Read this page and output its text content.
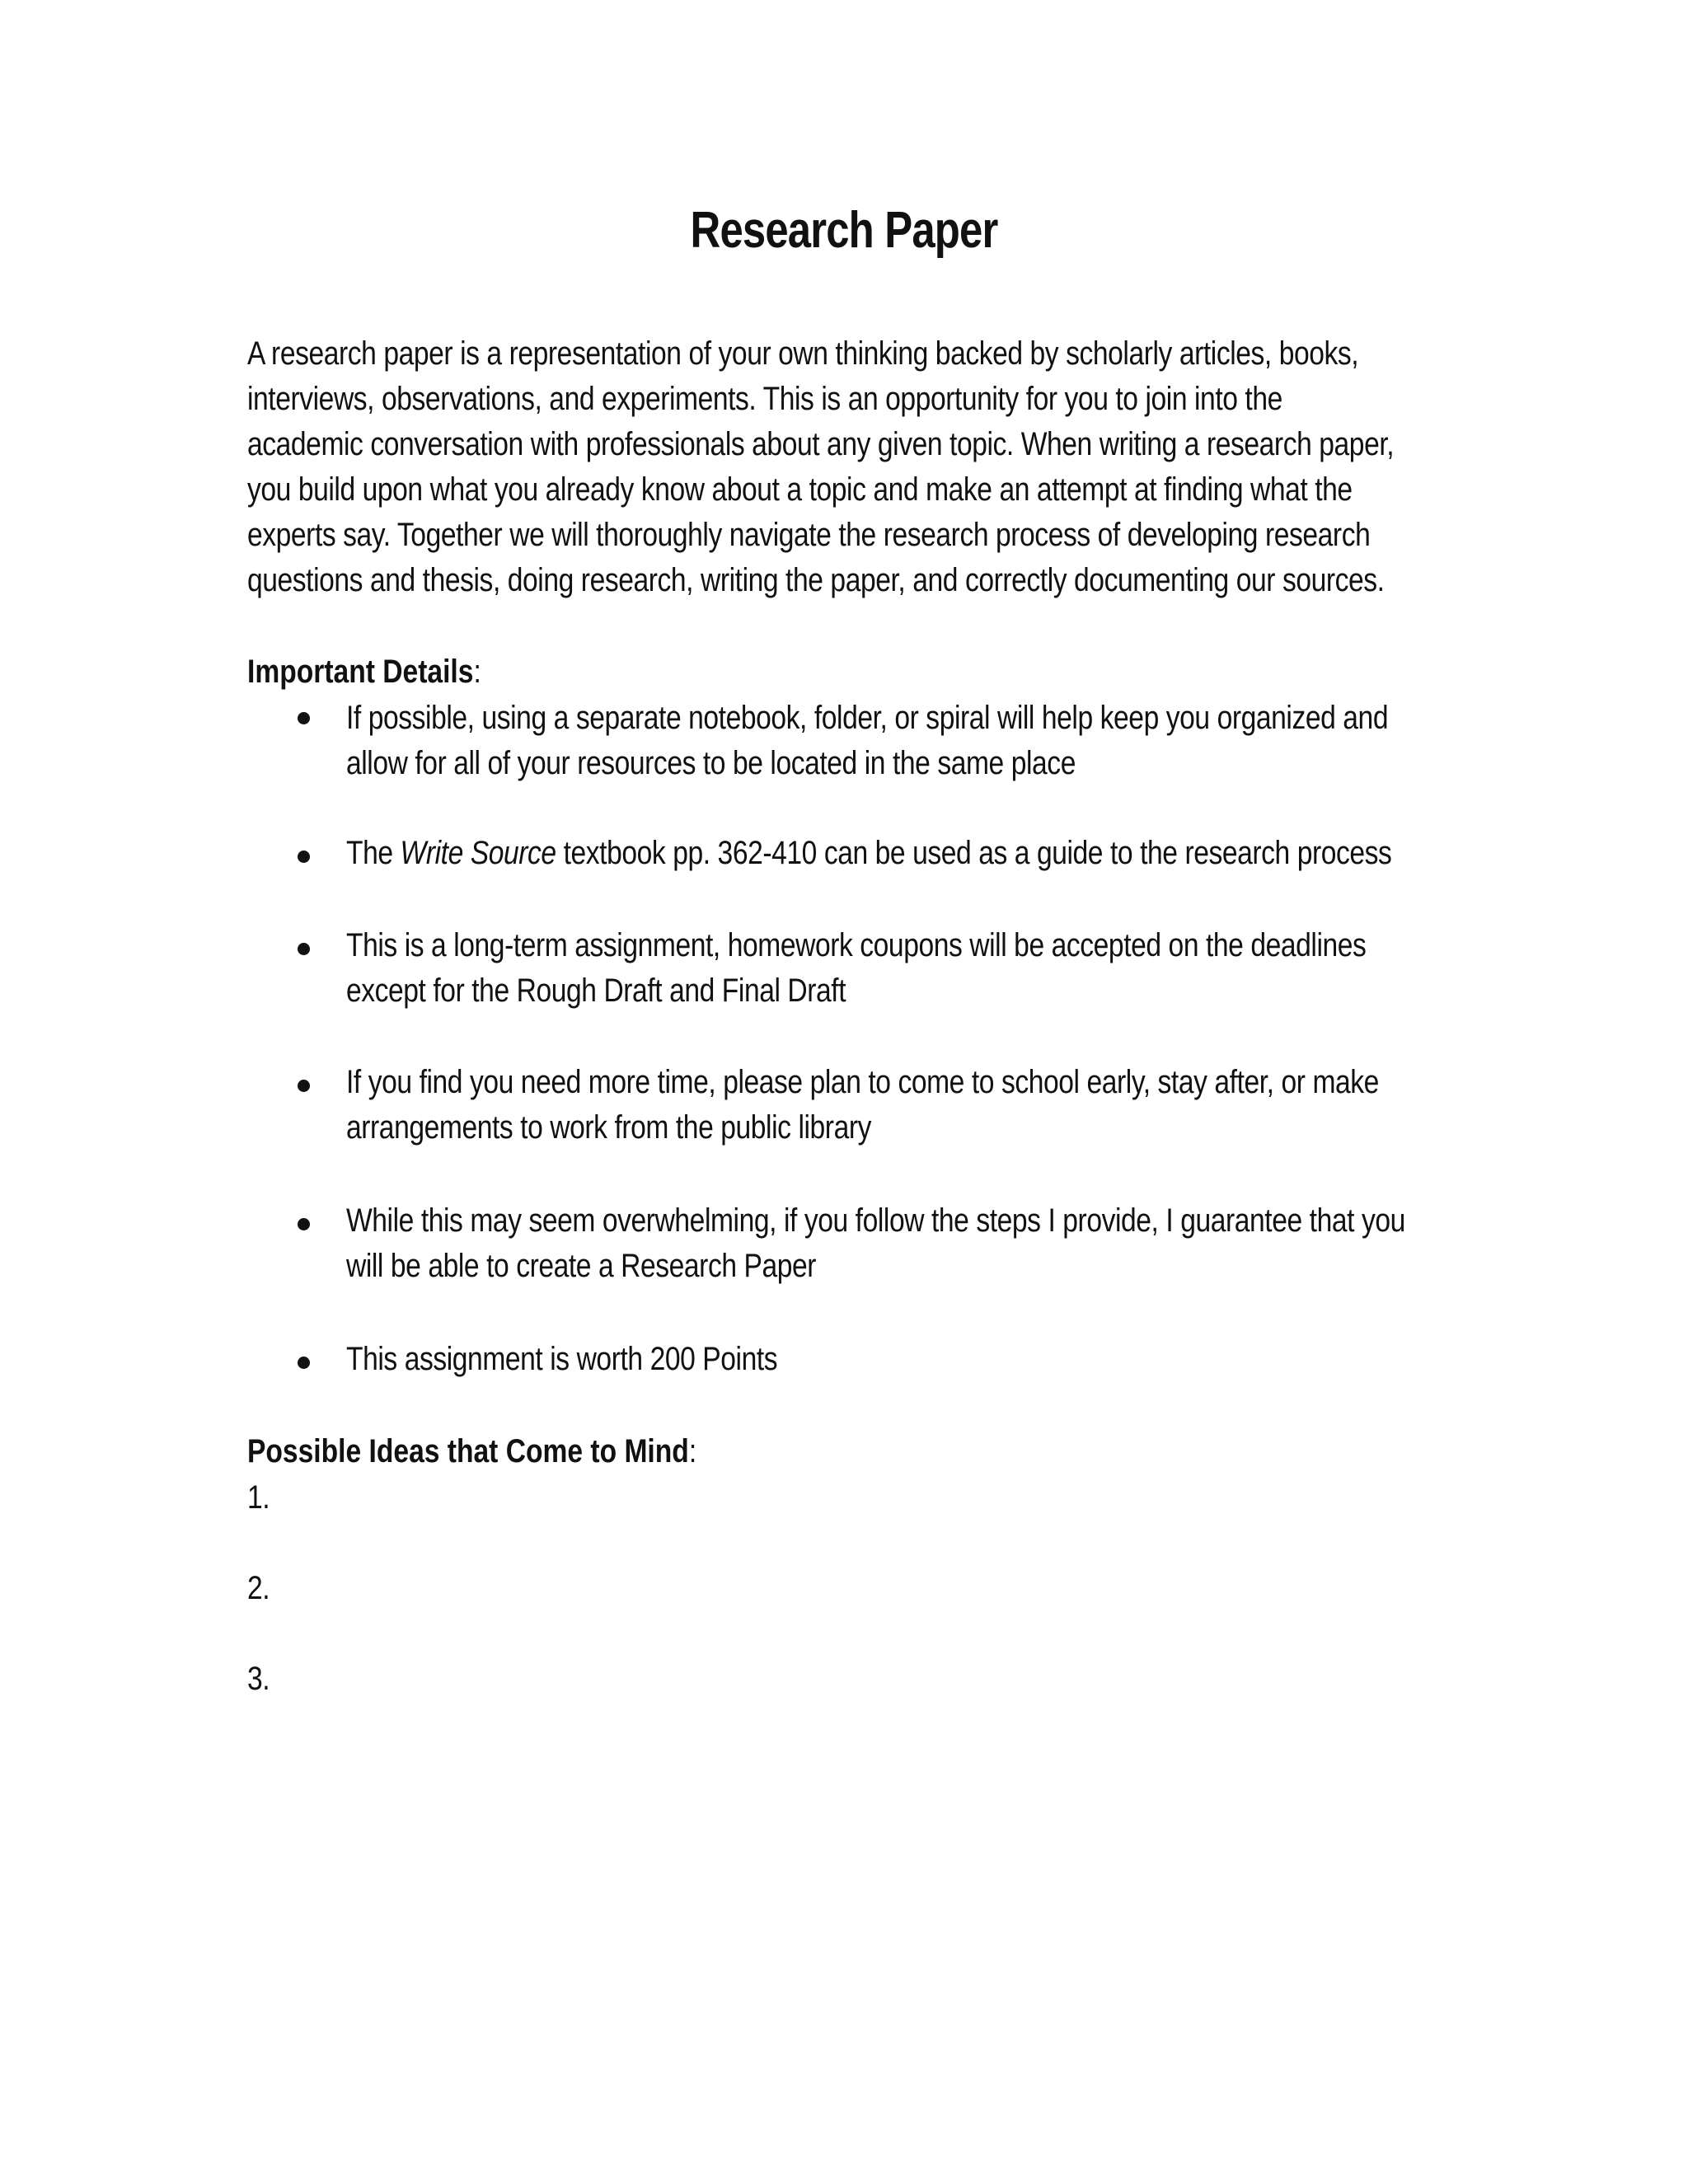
Research Paper
A research paper is a representation of your own thinking backed by scholarly articles, books,
interviews, observations, and experiments. This is an opportunity for you to join into the
academic conversation with professionals about any given topic. When writing a research paper,
you build upon what you already know about a topic and make an attempt at finding what the
experts say. Together we will thoroughly navigate the research process of developing research
questions and thesis, doing research, writing the paper, and correctly documenting our sources.
Important Details:
If possible, using a separate notebook, folder, or spiral will help keep you organized and
allow for all of your resources to be located in the same place
The Write Source textbook pp. 362-410 can be used as a guide to the research process
This is a long-term assignment, homework coupons will be accepted on the deadlines
except for the Rough Draft and Final Draft
If you find you need more time, please plan to come to school early, stay after, or make
arrangements to work from the public library
While this may seem overwhelming, if you follow the steps I provide, I guarantee that you
will be able to create a Research Paper
This assignment is worth 200 Points
Possible Ideas that Come to Mind:
1.
2.
3.
